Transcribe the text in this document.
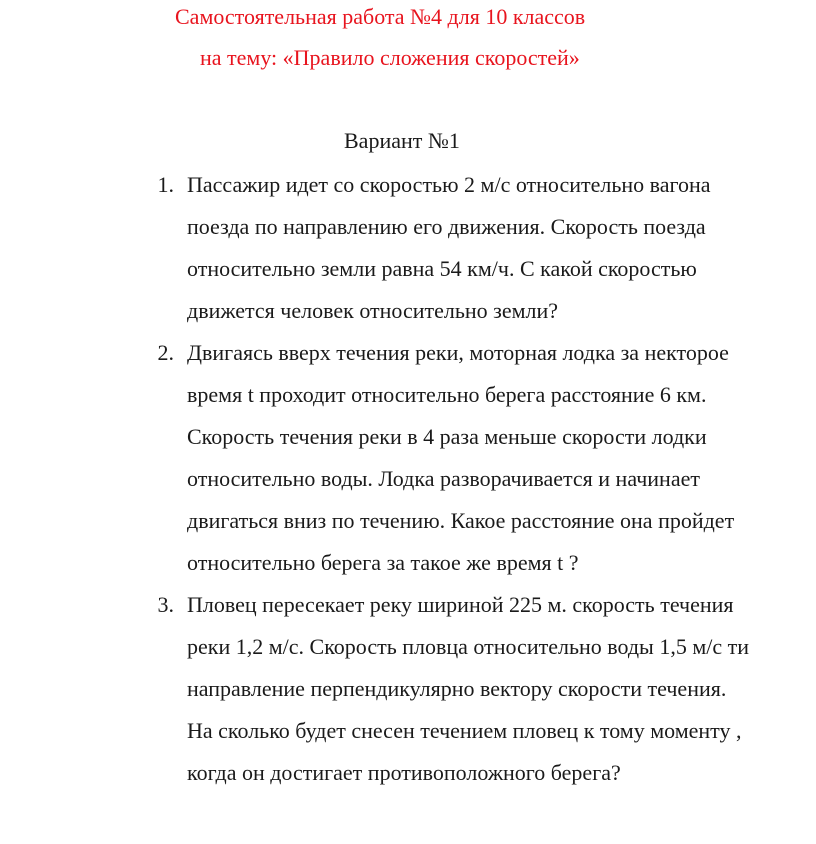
Самостоятельная работа №4 для 10 классов
на тему: «Правило сложения скоростей»
Вариант №1
1. Пассажир идет со скоростью 2 м/с относительно вагона
поезда по направлению его движения. Скорость поезда
относительно земли равна 54 км/ч. С какой скоростью
движется человек относительно земли?
2. Двигаясь вверх течения реки, моторная лодка за некторое
время t проходит относительно берега расстояние 6 км.
Скорость течения реки в 4 раза меньше скорости лодки
относительно воды. Лодка разворачивается и начинает
двигаться вниз по течению. Какое расстояние она пройдет
относительно берега за такое же время t ?
3. Пловец пересекает реку шириной 225 м. скорость течения
реки 1,2 м/с. Скорость пловца относительно воды 1,5 м/с ти
направление перпендикулярно вектору скорости течения.
На сколько будет снесен течением пловец к тому моменту ,
когда он достигает противоположного берега?
